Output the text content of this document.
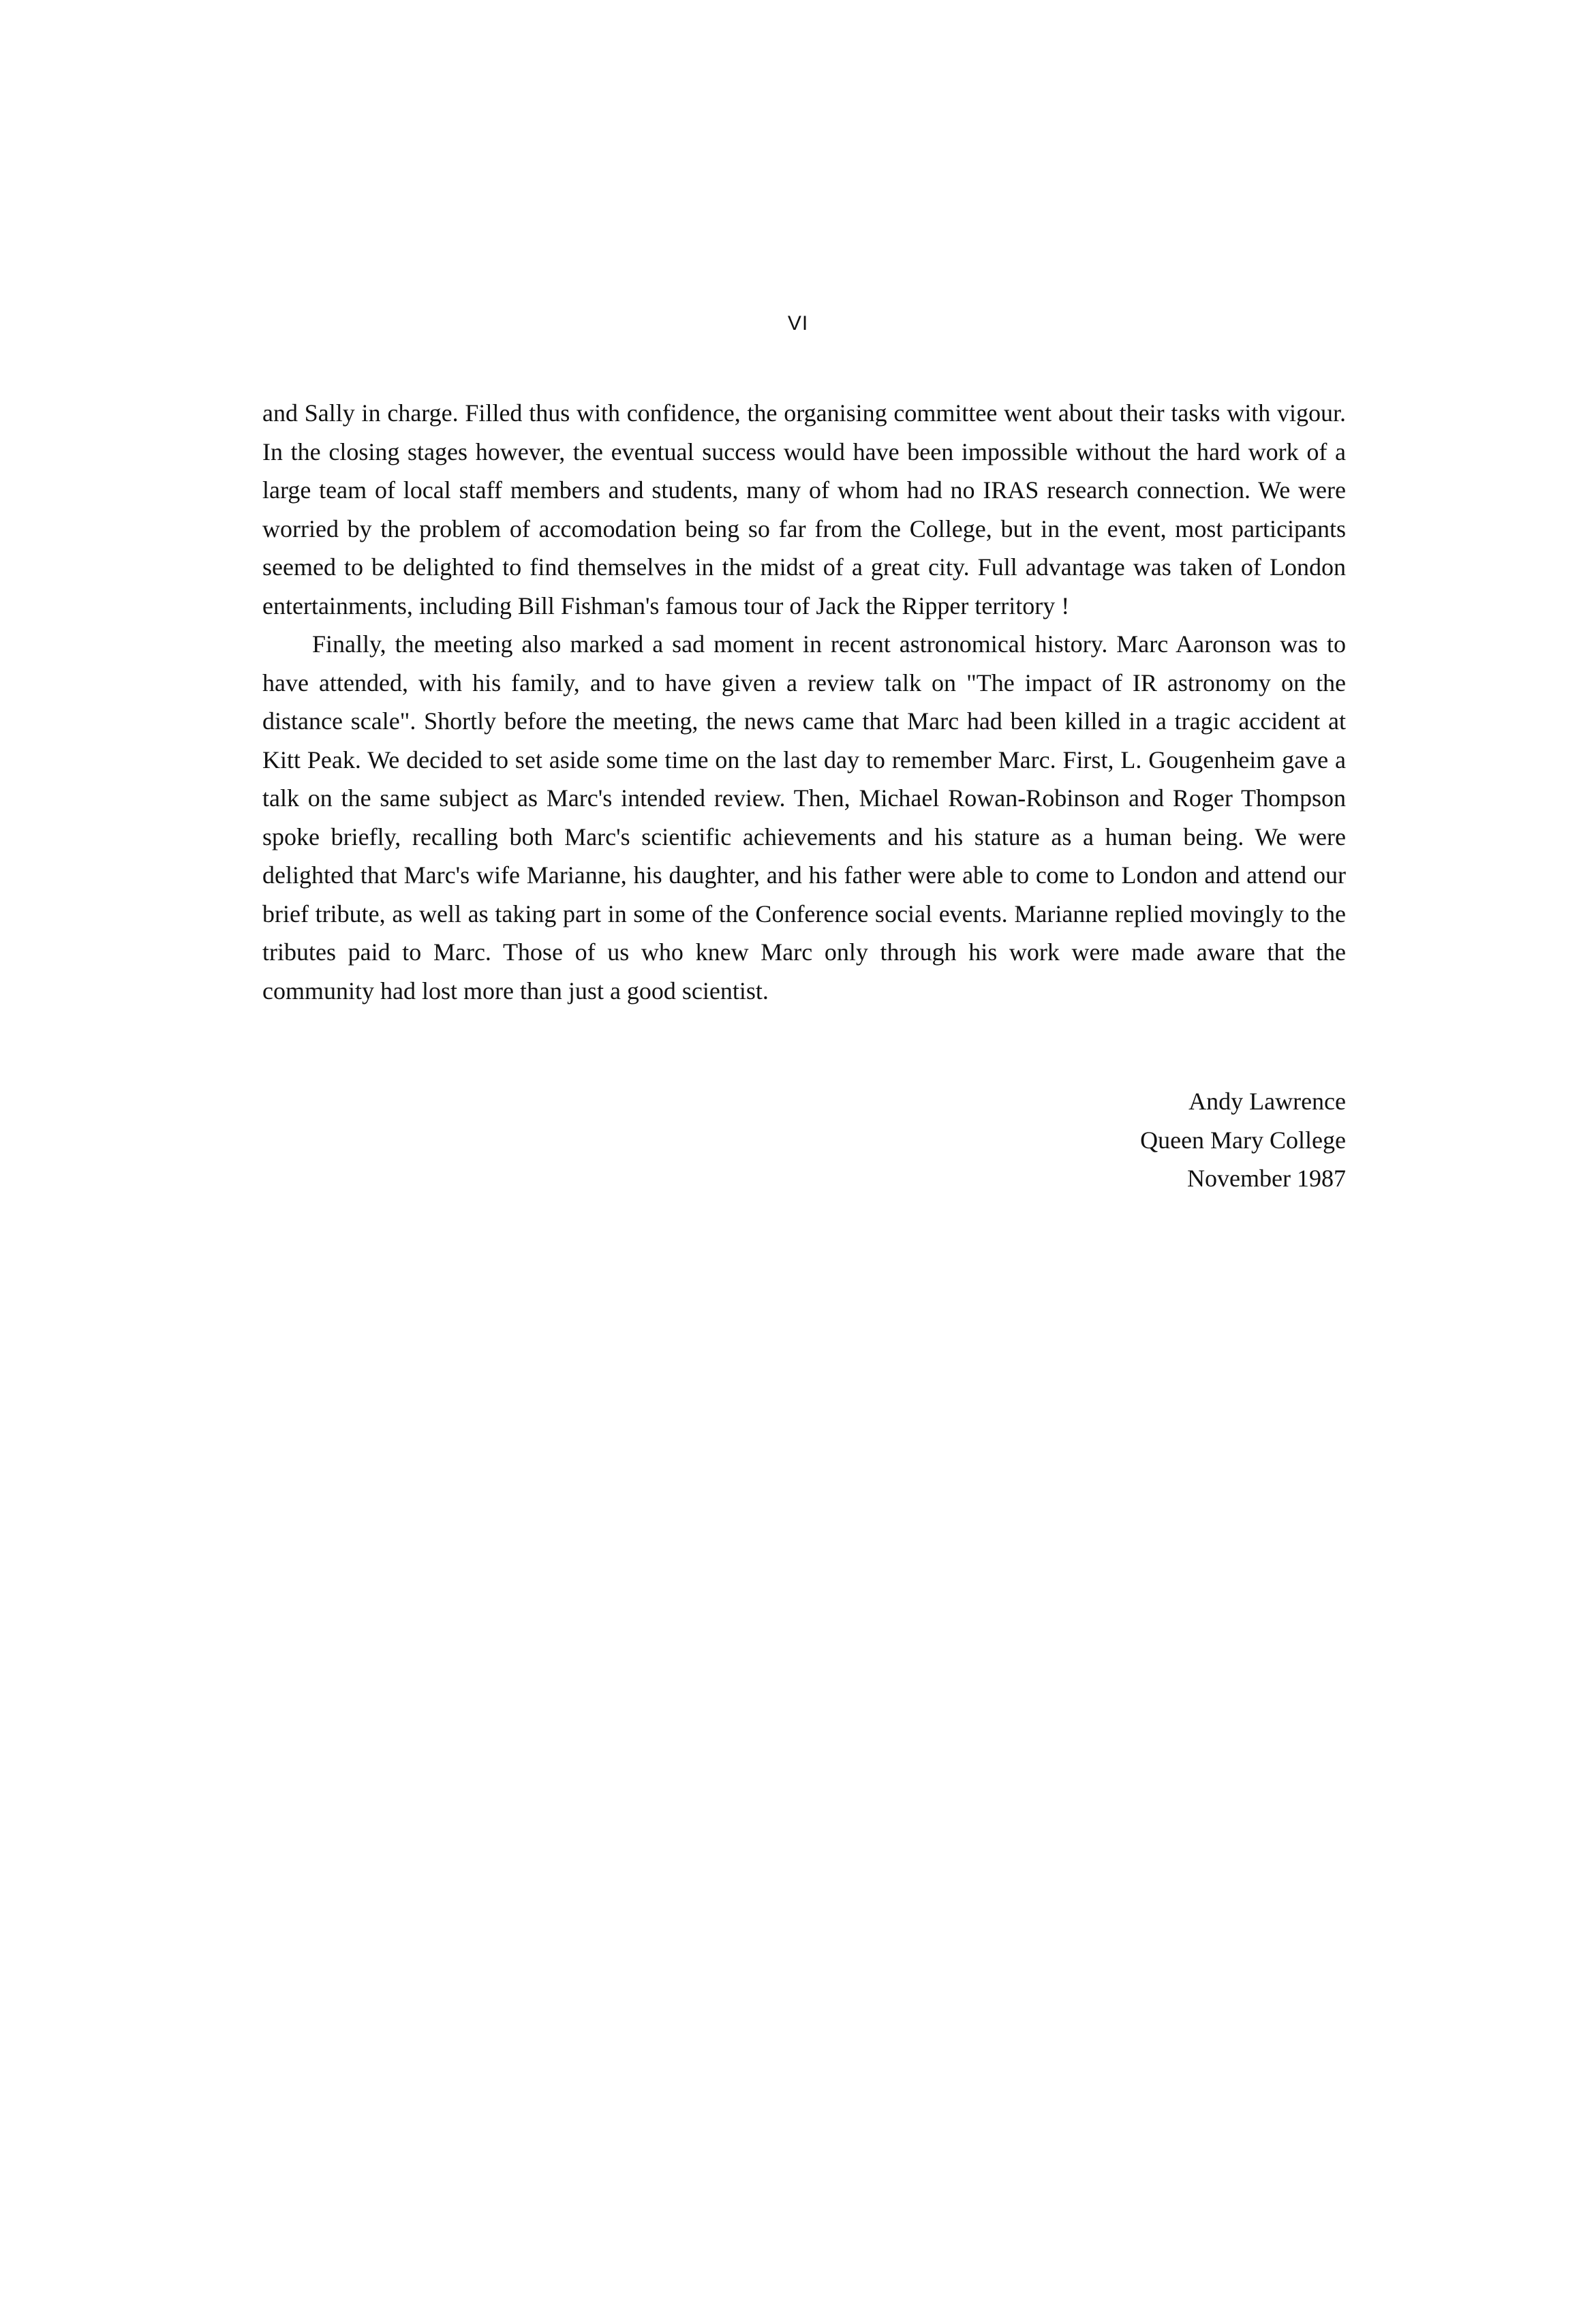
VI

and Sally in charge. Filled thus with confidence, the organising committee went about their tasks with vigour. In the closing stages however, the eventual success would have been impossible without the hard work of a large team of local staff members and students, many of whom had no IRAS research connection. We were worried by the problem of accomodation being so far from the College, but in the event, most participants seemed to be delighted to find themselves in the midst of a great city. Full advantage was taken of London entertainments, including Bill Fishman's famous tour of Jack the Ripper territory !

Finally, the meeting also marked a sad moment in recent astronomical history. Marc Aaronson was to have attended, with his family, and to have given a review talk on "The impact of IR astronomy on the distance scale". Shortly before the meeting, the news came that Marc had been killed in a tragic accident at Kitt Peak. We decided to set aside some time on the last day to remember Marc. First, L. Gougenheim gave a talk on the same subject as Marc's intended review. Then, Michael Rowan-Robinson and Roger Thompson spoke briefly, recalling both Marc's scientific achievements and his stature as a human being. We were delighted that Marc's wife Marianne, his daughter, and his father were able to come to London and attend our brief tribute, as well as taking part in some of the Conference social events. Marianne replied movingly to the tributes paid to Marc. Those of us who knew Marc only through his work were made aware that the community had lost more than just a good scientist.

Andy Lawrence
Queen Mary College
November 1987
